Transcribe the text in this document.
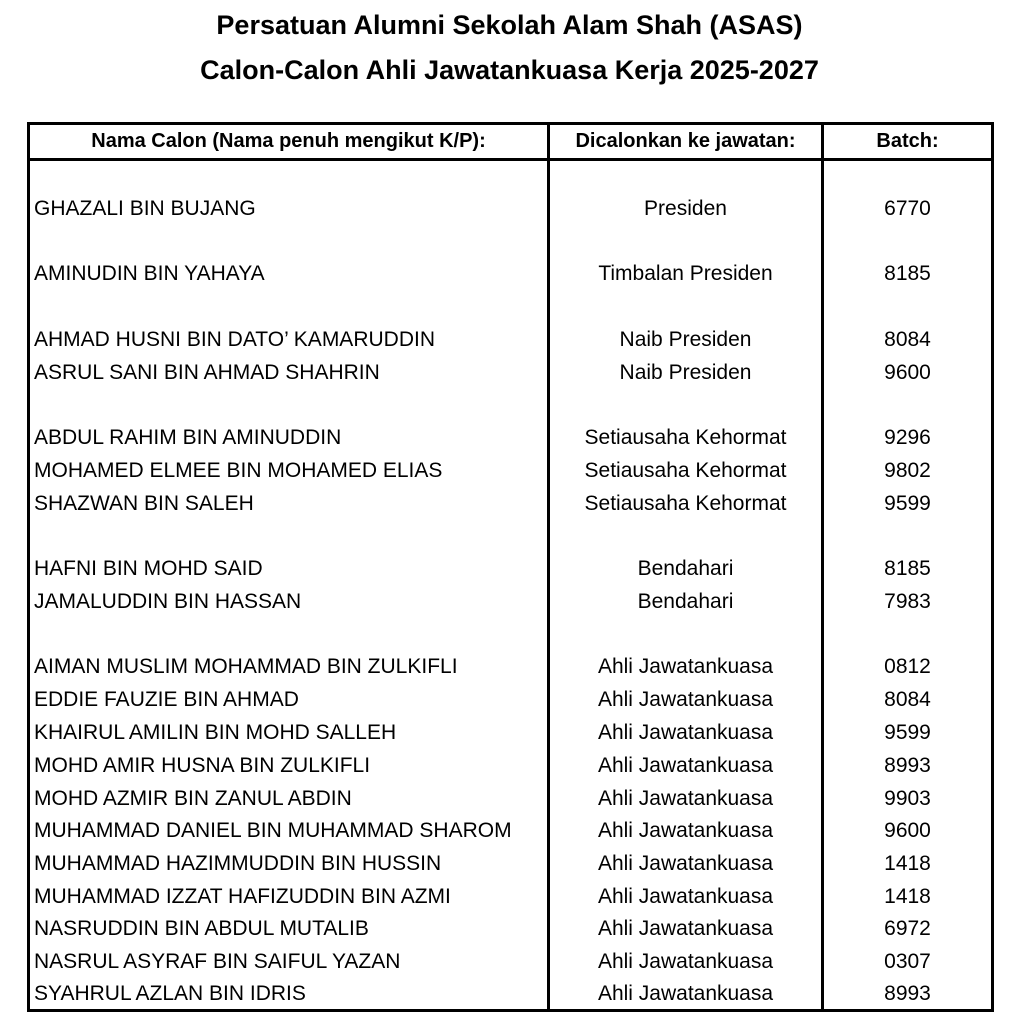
Persatuan Alumni Sekolah Alam Shah (ASAS)
Calon-Calon Ahli Jawatankuasa Kerja 2025-2027
Nama Calon (Nama penuh mengikut K/P):	Dicalonkan ke jawatan:	Batch:
GHAZALI BIN BUJANG	Presiden	6770
AMINUDIN BIN YAHAYA	Timbalan Presiden	8185
AHMAD HUSNI BIN DATO’ KAMARUDDIN	Naib Presiden	8084
ASRUL SANI BIN AHMAD SHAHRIN	Naib Presiden	9600
ABDUL RAHIM BIN AMINUDDIN	Setiausaha Kehormat	9296
MOHAMED ELMEE BIN MOHAMED ELIAS	Setiausaha Kehormat	9802
SHAZWAN BIN SALEH	Setiausaha Kehormat	9599
HAFNI BIN MOHD SAID	Bendahari	8185
JAMALUDDIN BIN HASSAN	Bendahari	7983
AIMAN MUSLIM MOHAMMAD BIN ZULKIFLI	Ahli Jawatankuasa	0812
EDDIE FAUZIE BIN AHMAD	Ahli Jawatankuasa	8084
KHAIRUL AMILIN BIN MOHD SALLEH	Ahli Jawatankuasa	9599
MOHD AMIR HUSNA BIN ZULKIFLI	Ahli Jawatankuasa	8993
MOHD AZMIR BIN ZANUL ABDIN	Ahli Jawatankuasa	9903
MUHAMMAD DANIEL BIN MUHAMMAD SHAROM	Ahli Jawatankuasa	9600
MUHAMMAD HAZIMMUDDIN BIN HUSSIN	Ahli Jawatankuasa	1418
MUHAMMAD IZZAT HAFIZUDDIN BIN AZMI	Ahli Jawatankuasa	1418
NASRUDDIN BIN ABDUL MUTALIB	Ahli Jawatankuasa	6972
NASRUL ASYRAF BIN SAIFUL YAZAN	Ahli Jawatankuasa	0307
SYAHRUL AZLAN BIN IDRIS	Ahli Jawatankuasa	8993
